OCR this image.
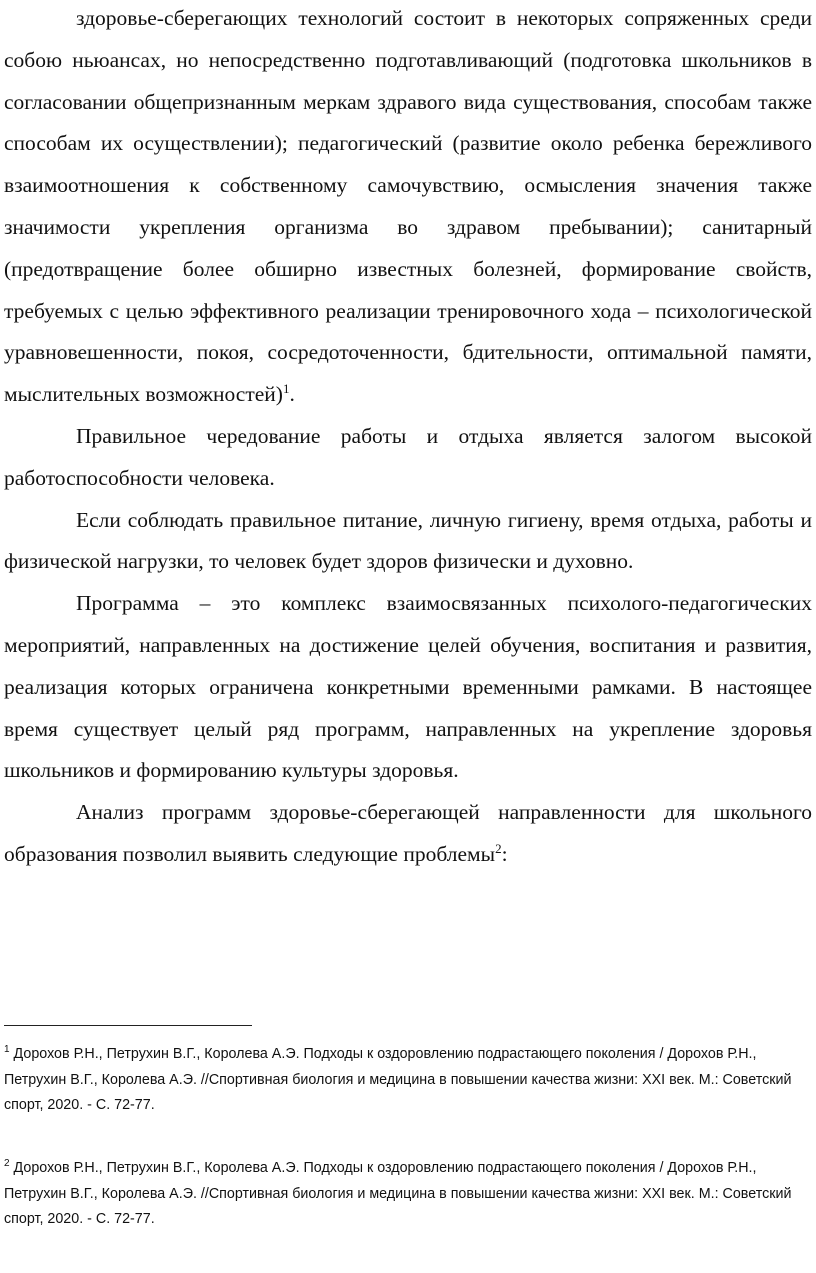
здоровье-сберегающих технологий состоит в некоторых сопряженных среди собою ньюансах, но непосредственно подготавливающий (подготовка школьников в согласовании общепризнанным меркам здравого вида существования, способам также способам их осуществлении); педагогический (развитие около ребенка бережливого взаимоотношения к собственному самочувствию, осмысления значения также значимости укрепления организма во здравом пребывании); санитарный (предотвращение более обширно известных болезней, формирование свойств, требуемых с целью эффективного реализации тренировочного хода – психологической уравновешенности, покоя, сосредоточенности, бдительности, оптимальной памяти, мыслительных возможностей)$^1$.

Правильное чередование работы и отдыха является залогом высокой работоспособности человека.

Если соблюдать правильное питание, личную гигиену, время отдыха, работы и физической нагрузки, то человек будет здоров физически и духовно.

Программа – это комплекс взаимосвязанных психолого-педагогических мероприятий, направленных на достижение целей обучения, воспитания и развития, реализация которых ограничена конкретными временными рамками. В настоящее время существует целый ряд программ, направленных на укрепление здоровья школьников и формированию культуры здоровья.

Анализ программ здоровье-сберегающей направленности для школьного образования позволил выявить следующие проблемы$^2$:

$^1$ Дорохов Р.Н., Петрухин В.Г., Королева А.Э. Подходы к оздоровлению подрастающего поколения / Дорохов Р.Н., Петрухин В.Г., Королева А.Э. //Спортивная биология и медицина в повышении качества жизни: XXI век. М.: Советский спорт, 2020. - С. 72-77.
$^2$ Дорохов Р.Н., Петрухин В.Г., Королева А.Э. Подходы к оздоровлению подрастающего поколения / Дорохов Р.Н., Петрухин В.Г., Королева А.Э. //Спортивная биология и медицина в повышении качества жизни: XXI век. М.: Советский спорт, 2020. - С. 72-77.
